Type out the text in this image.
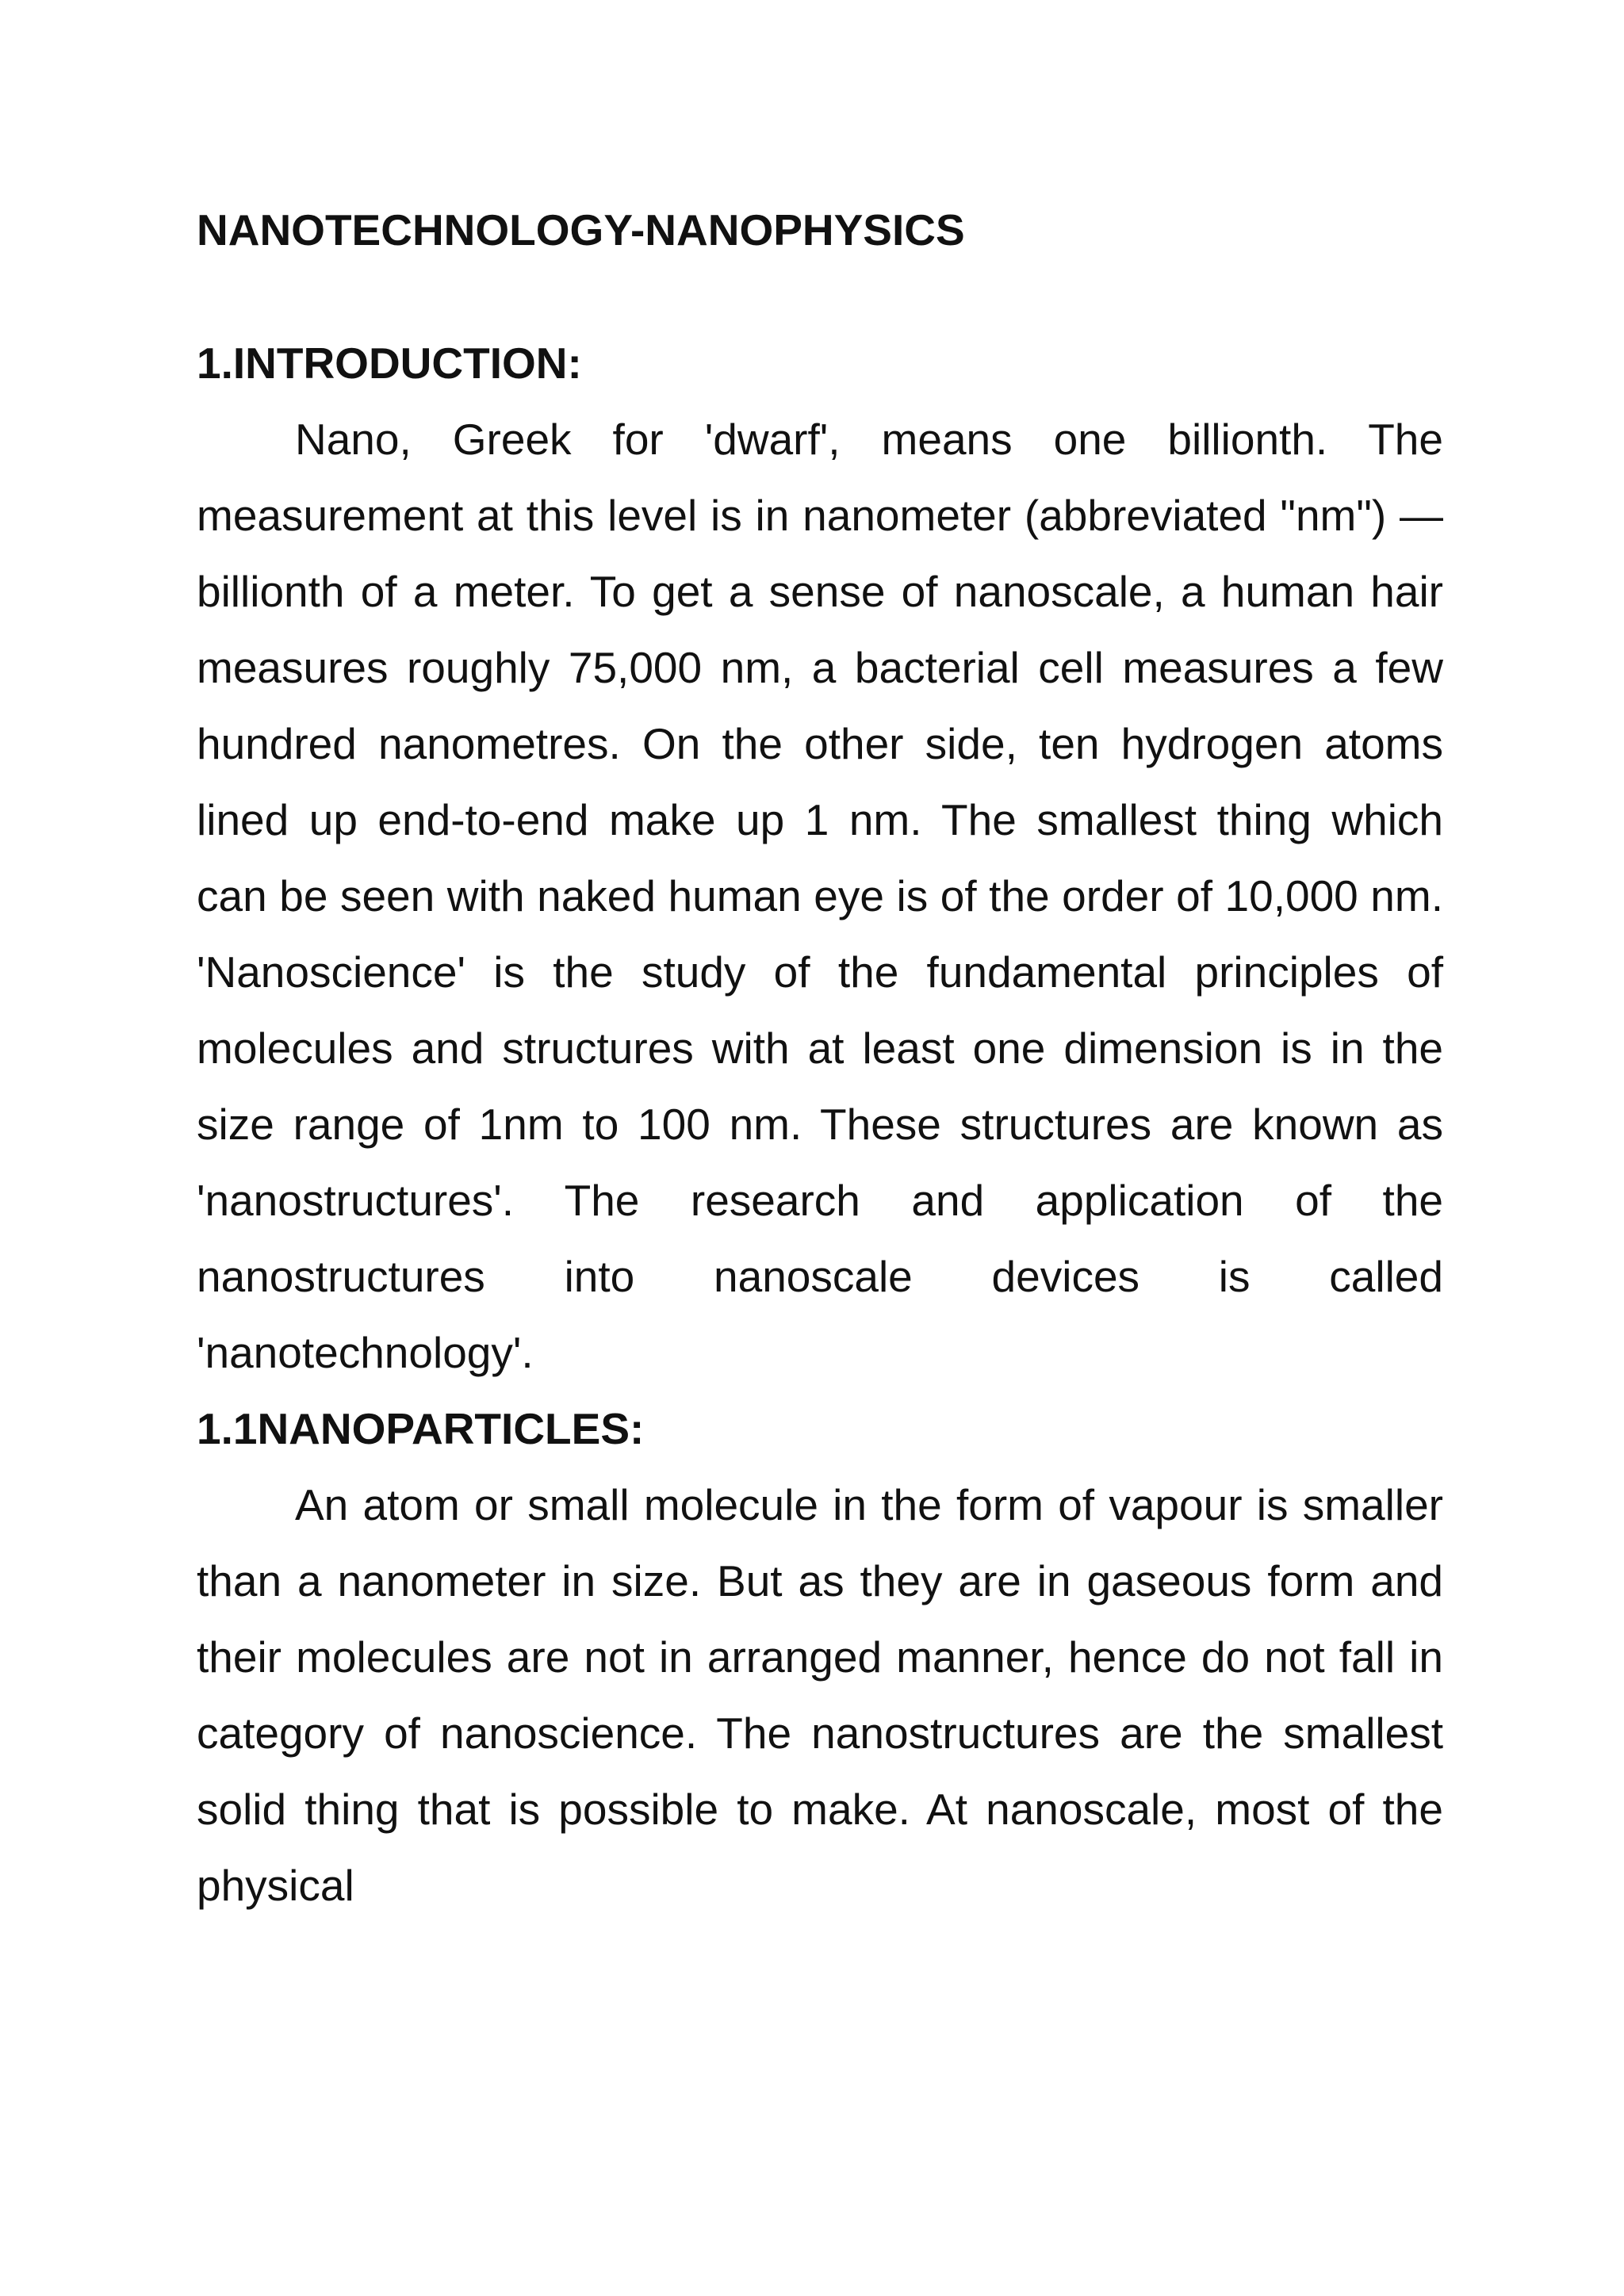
NANOTECHNOLOGY-NANOPHYSICS
1.INTRODUCTION:

Nano, Greek for 'dwarf', means one billionth. The measurement at this level is in nanometer (abbreviated "nm") — billionth of a meter. To get a sense of nanoscale, a human hair measures roughly 75,000 nm, a bacterial cell measures a few hundred nanometres. On the other side, ten hydrogen atoms lined up end-to-end make up 1 nm. The smallest thing which can be seen with naked human eye is of the order of 10,000 nm. 'Nanoscience' is the study of the fundamental principles of molecules and structures with at least one dimension is in the size range of 1nm to 100 nm. These structures are known as 'nanostructures'. The research and application of the nanostructures into nanoscale devices is called 'nanotechnology'.

1.1NANOPARTICLES:

An atom or small molecule in the form of vapour is smaller than a nanometer in size. But as they are in gaseous form and their molecules are not in arranged manner, hence do not fall in category of nanoscience. The nanostructures are the smallest solid thing that is possible to make. At nanoscale, most of the physical
